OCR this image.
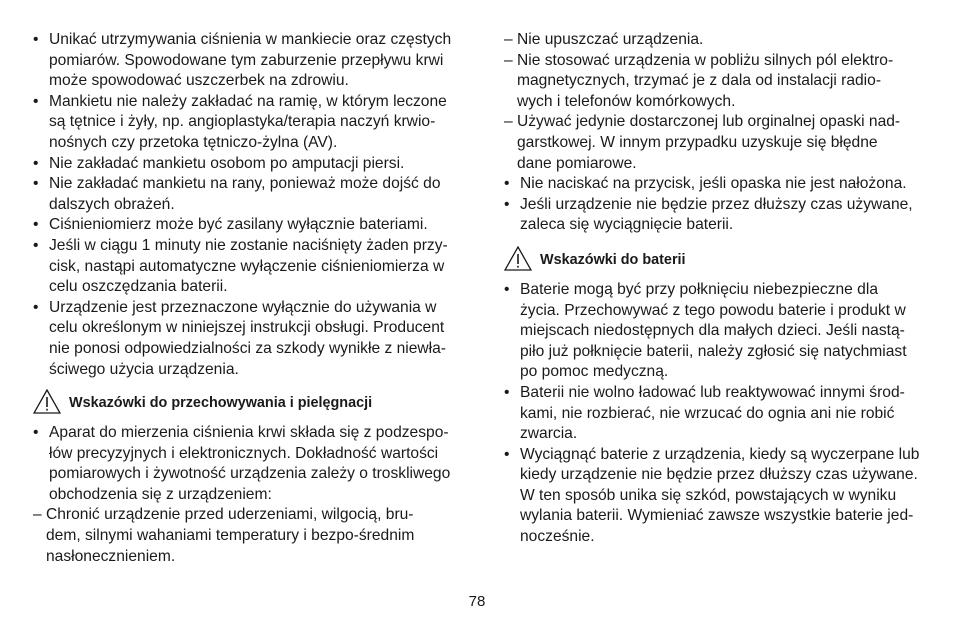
• Unikać utrzymywania ciśnienia w mankiecie oraz częstych
pomiarów. Spowodowane tym zaburzenie przepływu krwi
może spowodować uszczerbek na zdrowiu.
• Mankietu nie należy zakładać na ramię, w którym leczone
są tętnice i żyły, np. angioplastyka/terapia naczyń krwio-
nośnych czy przetoka tętniczo-żylna (AV).
• Nie zakładać mankietu osobom po amputacji piersi.
• Nie zakładać mankietu na rany, ponieważ może dojść do
dalszych obrażeń.
• Ciśnieniomierz może być zasilany wyłącznie bateriami.
• Jeśli w ciągu 1 minuty nie zostanie naciśnięty żaden przy-
cisk, nastąpi automatyczne wyłączenie ciśnieniomierza w
celu oszczędzania baterii.
• Urządzenie jest przeznaczone wyłącznie do używania w
celu określonym w niniejszej instrukcji obsługi. Producent
nie ponosi odpowiedzialności za szkody wynikłe z niewła-
ściwego użycia urządzenia.
Wskazówki do przechowywania i pielęgnacji
• Aparat do mierzenia ciśnienia krwi składa się z podzespo-
łów precyzyjnych i elektronicznych. Dokładność wartości
pomiarowych i żywotność urządzenia zależy o troskliwego
obchodzenia się z urządzeniem:
– Chronić urządzenie przed uderzeniami, wilgocią, bru-
dem, silnymi wahaniami temperatury i bezpo-średnim
nasłonecznieniem.
– Nie upuszczać urządzenia.
– Nie stosować urządzenia w pobliżu silnych pól elektro-
magnetycznych, trzymać je z dala od instalacji radio-
wych i telefonów komórkowych.
– Używać jedynie dostarczonej lub orginalnej opaski nad-
garstkowej. W innym przypadku uzyskuje się błędne
dane pomiarowe.
• Nie naciskać na przycisk, jeśli opaska nie jest nałożona.
• Jeśli urządzenie nie będzie przez dłuższy czas używane,
zaleca się wyciągnięcie baterii.
Wskazówki do baterii
• Baterie mogą być przy połknięciu niebezpieczne dla
życia. Przechowywać z tego powodu baterie i produkt w
miejscach niedostępnych dla małych dzieci. Jeśli nastą-
piło już połknięcie baterii, należy zgłosić się natychmiast
po pomoc medyczną.
• Baterii nie wolno ładować lub reaktywować innymi środ-
kami, nie rozbierać, nie wrzucać do ognia ani nie robić
zwarcia.
• Wyciągnąć baterie z urządzenia, kiedy są wyczerpane lub
kiedy urządzenie nie będzie przez dłuższy czas używane.
W ten sposób unika się szkód, powstających w wyniku
wylania baterii. Wymieniać zawsze wszystkie baterie jed-
nocześnie.
78
